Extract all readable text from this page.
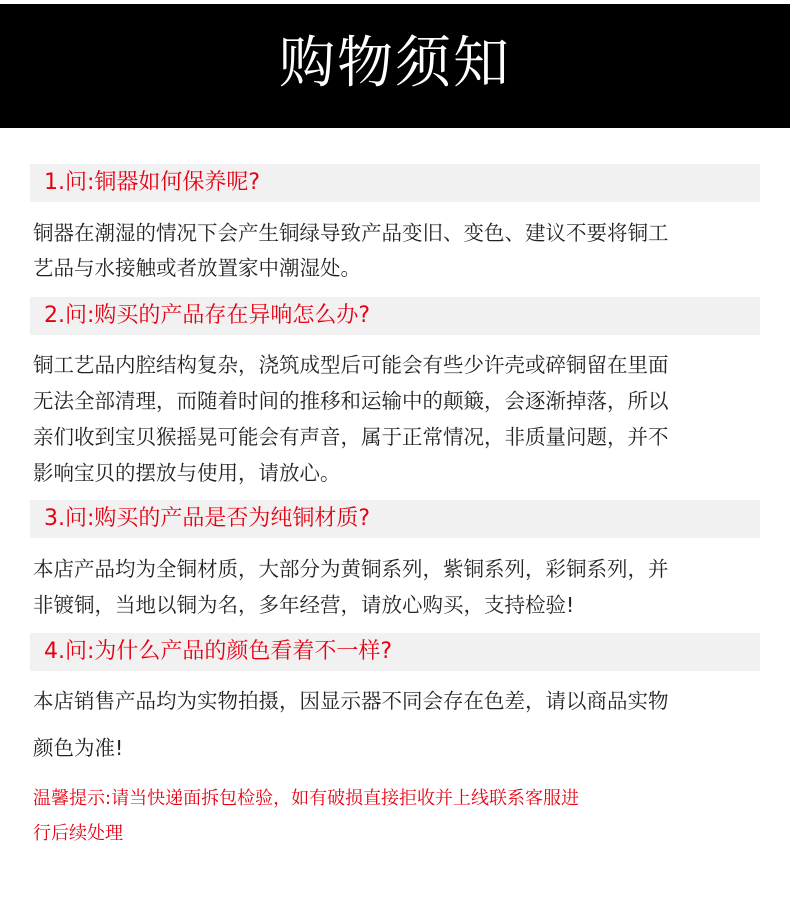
购物须知
1.问:铜器如何保养呢?
铜器在潮湿的情况下会产生铜绿导致产品变旧、变色、建议不要将铜工
艺品与水接触或者放置家中潮湿处。
2.问:购买的产品存在异响怎么办?
铜工艺品内腔结构复杂，浇筑成型后可能会有些少许壳或碎铜留在里面
无法全部清理，而随着时间的推移和运输中的颠簸，会逐渐掉落，所以
亲们收到宝贝猴摇晃可能会有声音，属于正常情况，非质量问题，并不
影响宝贝的摆放与使用，请放心。
3.问:购买的产品是否为纯铜材质?
本店产品均为全铜材质，大部分为黄铜系列，紫铜系列，彩铜系列，并
非镀铜，当地以铜为名，多年经营，请放心购买，支持检验!
4.问:为什么产品的颜色看着不一样?
本店销售产品均为实物拍摄，因显示器不同会存在色差，请以商品实物
颜色为准!
温馨提示:请当快递面拆包检验，如有破损直接拒收并上线联系客服进
行后续处理
